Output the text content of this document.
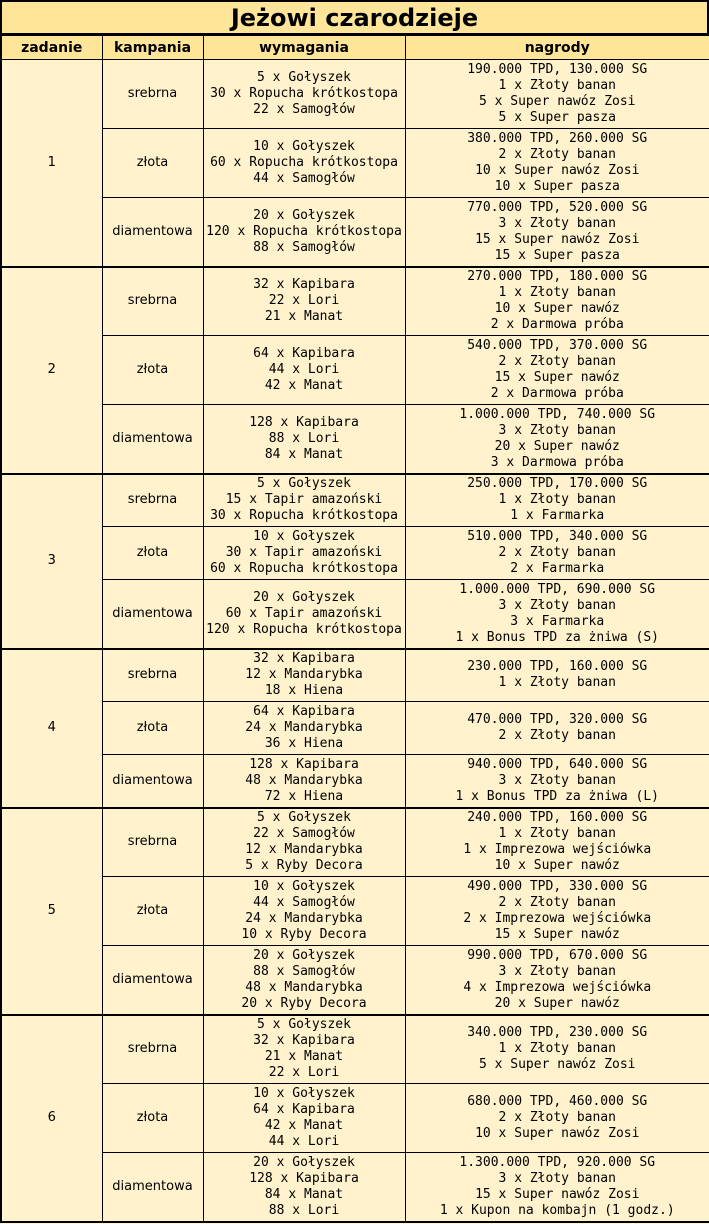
Jeżowi czarodzieje
zadanie	kampania	wymagania	nagrody
1	srebrna	5 x Gołyszek
30 x Ropucha krótkostopa
22 x Samogłów	190.000 TPD, 130.000 SG
1 x Złoty banan
5 x Super nawóz Zosi
5 x Super pasza

	złota	10 x Gołyszek
60 x Ropucha krótkostopa
44 x Samogłów	380.000 TPD, 260.000 SG
2 x Złoty banan
10 x Super nawóz Zosi
10 x Super pasza

	diamentowa	20 x Gołyszek
120 x Ropucha krótkostopa
88 x Samogłów	770.000 TPD, 520.000 SG
3 x Złoty banan
15 x Super nawóz Zosi
15 x Super pasza

2	srebrna	32 x Kapibara
22 x Lori
21 x Manat	270.000 TPD, 180.000 SG
1 x Złoty banan
10 x Super nawóz
2 x Darmowa próba

	złota	64 x Kapibara
44 x Lori
42 x Manat	540.000 TPD, 370.000 SG
2 x Złoty banan
15 x Super nawóz
2 x Darmowa próba

	diamentowa	128 x Kapibara
88 x Lori
84 x Manat	1.000.000 TPD, 740.000 SG
3 x Złoty banan
20 x Super nawóz
3 x Darmowa próba

3	srebrna	5 x Gołyszek
15 x Tapir amazoński
30 x Ropucha krótkostopa	250.000 TPD, 170.000 SG
1 x Złoty banan
1 x Farmarka

	złota	10 x Gołyszek
30 x Tapir amazoński
60 x Ropucha krótkostopa	510.000 TPD, 340.000 SG
2 x Złoty banan
2 x Farmarka

	diamentowa	20 x Gołyszek
60 x Tapir amazoński
120 x Ropucha krótkostopa	1.000.000 TPD, 690.000 SG
3 x Złoty banan
3 x Farmarka
1 x Bonus TPD za żniwa (S)

4	srebrna	32 x Kapibara
12 x Mandarybka
18 x Hiena	230.000 TPD, 160.000 SG
1 x Złoty banan

	złota	64 x Kapibara
24 x Mandarybka
36 x Hiena	470.000 TPD, 320.000 SG
2 x Złoty banan

	diamentowa	128 x Kapibara
48 x Mandarybka
72 x Hiena	940.000 TPD, 640.000 SG
3 x Złoty banan
1 x Bonus TPD za żniwa (L)

5	srebrna	5 x Gołyszek
22 x Samogłów
12 x Mandarybka
5 x Ryby Decora	240.000 TPD, 160.000 SG
1 x Złoty banan
1 x Imprezowa wejściówka
10 x Super nawóz

	złota	10 x Gołyszek
44 x Samogłów
24 x Mandarybka
10 x Ryby Decora	490.000 TPD, 330.000 SG
2 x Złoty banan
2 x Imprezowa wejściówka
15 x Super nawóz

	diamentowa	20 x Gołyszek
88 x Samogłów
48 x Mandarybka
20 x Ryby Decora	990.000 TPD, 670.000 SG
3 x Złoty banan
4 x Imprezowa wejściówka
20 x Super nawóz

6	srebrna	5 x Gołyszek
32 x Kapibara
21 x Manat
22 x Lori	340.000 TPD, 230.000 SG
1 x Złoty banan
5 x Super nawóz Zosi

	złota	10 x Gołyszek
64 x Kapibara
42 x Manat
44 x Lori	680.000 TPD, 460.000 SG
2 x Złoty banan
10 x Super nawóz Zosi

	diamentowa	20 x Gołyszek
128 x Kapibara
84 x Manat
88 x Lori	1.300.000 TPD, 920.000 SG
3 x Złoty banan
15 x Super nawóz Zosi
1 x Kupon na kombajn (1 godz.)
